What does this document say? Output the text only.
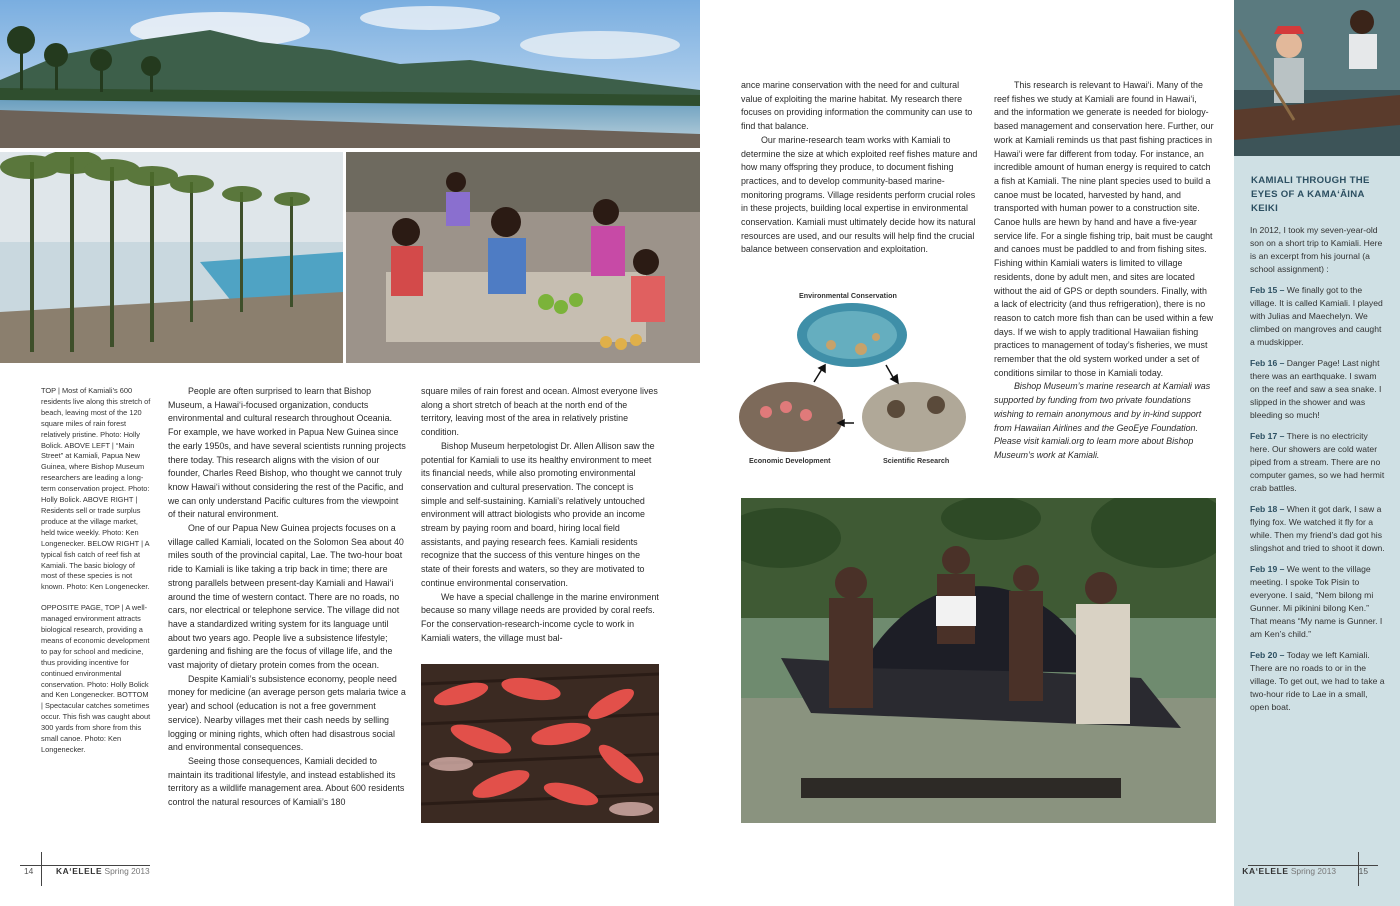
TOP | Most of Kamiali’s 600 residents live along this stretch of beach, leaving most of the 120 square miles of rain forest relatively pristine. Photo: Holly Bolick. ABOVE LEFT | “Main Street” at Kamiali, Papua New Guinea, where Bishop Museum researchers are leading a long-term conservation project. Photo: Holly Bolick. ABOVE RIGHT | Residents sell or trade surplus produce at the village market, held twice weekly. Photo: Ken Longenecker. BELOW RIGHT | A typical fish catch of reef fish at Kamiali. The basic biology of most of these species is not known. Photo: Ken Longenecker.

OPPOSITE PAGE, TOP | A well-managed environment attracts biological research, providing a means of economic development to pay for school and medicine, thus providing incentive for continued environmental conservation. Photo: Holly Bolick and Ken Longenecker. BOTTOM | Spectacular catches sometimes occur. This fish was caught about 300 yards from shore from this small canoe. Photo: Ken Longenecker.

People are often surprised to learn that Bishop Museum, a Hawai‘i-focused organization, conducts environmental and cultural research throughout Oceania. For example, we have worked in Papua New Guinea since the early 1950s, and have several scientists running projects there today. This research aligns with the vision of our founder, Charles Reed Bishop, who thought we cannot truly know Hawai‘i without considering the rest of the Pacific, and we can only understand Pacific cultures from the viewpoint of their natural environment.

One of our Papua New Guinea projects focuses on a village called Kamiali, located on the Solomon Sea about 40 miles south of the provincial capital, Lae. The two-hour boat ride to Kamiali is like taking a trip back in time; there are strong parallels between present-day Kamiali and Hawai‘i around the time of western contact. There are no roads, no cars, nor electrical or telephone service. The village did not have a standardized writing system for its language until about two years ago. People live a subsistence lifestyle; gardening and fishing are the focus of village life, and the vast majority of dietary protein comes from the ocean.

Despite Kamiali’s subsistence economy, people need money for medicine (an average person gets malaria twice a year) and school (education is not a free government service). Nearby villages met their cash needs by selling logging or mining rights, which often had disastrous social and environmental consequences.

Seeing those consequences, Kamiali decided to maintain its traditional lifestyle, and instead established its territory as a wildlife management area. About 600 residents control the natural resources of Kamiali’s 180

square miles of rain forest and ocean. Almost everyone lives along a short stretch of beach at the north end of the territory, leaving most of the area in relatively pristine condition.

Bishop Museum herpetologist Dr. Allen Allison saw the potential for Kamiali to use its healthy environment to meet its financial needs, while also promoting environmental conservation and cultural preservation. The concept is simple and self-sustaining. Kamiali’s relatively untouched environment will attract biologists who provide an income stream by paying room and board, hiring local field assistants, and paying research fees. Kamiali residents recognize that the success of this venture hinges on the state of their forests and waters, so they are motivated to continue environmental conservation.

We have a special challenge in the marine environment because so many village needs are provided by coral reefs. For the conservation-research-income cycle to work in Kamiali waters, the village must bal-

ance marine conservation with the need for and cultural value of exploiting the marine habitat. My research there focuses on providing information the community can use to find that balance.

Our marine-research team works with Kamiali to determine the size at which exploited reef fishes mature and how many offspring they produce, to document fishing practices, and to develop community-based marine-monitoring programs. Village residents perform crucial roles in these projects, building local expertise in environmental conservation. Kamiali must ultimately decide how its natural resources are used, and our results will help find the crucial balance between conservation and exploitation.

This research is relevant to Hawai‘i. Many of the reef fishes we study at Kamiali are found in Hawai‘i, and the information we generate is needed for biology-based management and conservation here. Further, our work at Kamiali reminds us that past fishing practices in Hawai‘i were far different from today. For instance, an incredible amount of human energy is required to catch a fish at Kamiali. The nine plant species used to build a canoe must be located, harvested by hand, and transported with human power to a construction site. Canoe hulls are hewn by hand and have a five-year service life. For a single fishing trip, bait must be caught and canoes must be paddled to and from fishing sites. Fishing within Kamiali waters is limited to village residents, done by adult men, and sites are located without the aid of GPS or depth sounders. Finally, with a lack of electricity (and thus refrigeration), there is no reason to catch more fish than can be used within a few days. If we wish to apply traditional Hawaiian fishing practices to management of today’s fisheries, we must remember that the old system worked under a set of conditions similar to those in Kamiali today.

Bishop Museum’s marine research at Kamiali was supported by funding from two private foundations wishing to remain anonymous and by in-kind support from Hawaiian Airlines and the GeoEye Foundation. Please visit kamiali.org to learn more about Bishop Museum’s work at Kamiali.

Environmental Conservation
Economic Development	Scientific Research
KAMIALI THROUGH THE EYES OF A KAMA‘ĀINA KEIKI

In 2012, I took my seven-year-old son on a short trip to Kamiali. Here is an excerpt from his journal (a school assignment) :

Feb 15 – We finally got to the village. It is called Kamiali. I played with Julias and Maechelyn. We climbed on mangroves and caught a mudskipper.

Feb 16 – Danger Page! Last night there was an earthquake. I swam on the reef and saw a sea snake. I slipped in the shower and was bleeding so much!

Feb 17 – There is no electricity here. Our showers are cold water piped from a stream. There are no computer games, so we had hermit crab battles.

Feb 18 – When it got dark, I saw a flying fox. We watched it fly for a while. Then my friend’s dad got his slingshot and tried to shoot it down.

Feb 19 – We went to the village meeting. I spoke Tok Pisin to everyone. I said, “Nem bilong mi Gunner. Mi pikinini bilong Ken.” That means “My name is Gunner. I am Ken’s child.”

Feb 20 – Today we left Kamiali. There are no roads to or in the village. To get out, we had to take a two-hour ride to Lae in a small, open boat.

14	KA‘ELELE Spring 2013	KA‘ELELE Spring 2013	15
